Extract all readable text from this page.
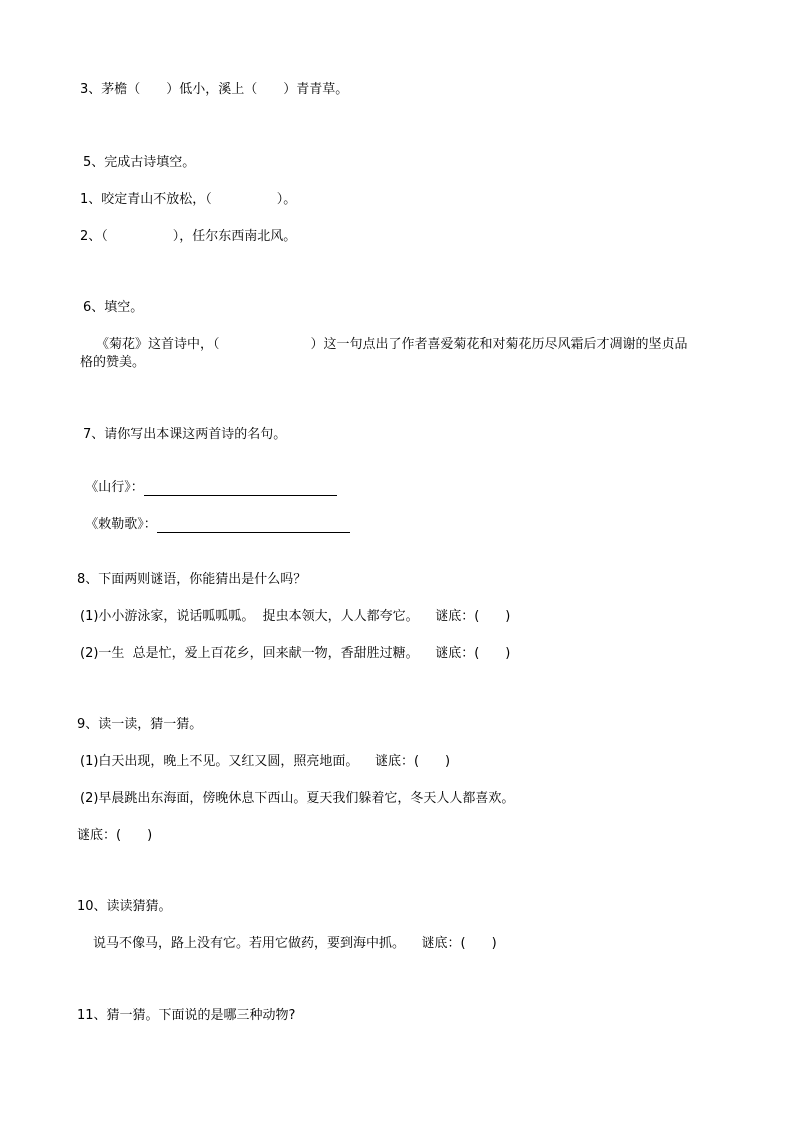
3、茅檐（　　）低小，溪上（　　）青青草。
5、完成古诗填空。
1、咬定青山不放松，（　　　　　）。
2、（　　　　　），任尔东西南北风。
6、填空。
《菊花》这首诗中，（　　　　　　　）这一句点出了作者喜爱菊花和对菊花历尽风霜后才凋谢的坚贞品
格的赞美。
7、请你写出本课这两首诗的名句。

《山行》：

《敕勒歌》：

8、下面两则谜语，你能猜出是什么吗？
(1)小小游泳家，说话呱呱呱。  捉虫本领大，人人都夸它。    谜底：(　　)
(2)一生  总是忙，爱上百花乡，回来献一物，香甜胜过糖。    谜底：(　　)
9、读一读，猜一猜。
(1)白天出现，晚上不见。又红又圆，照亮地面。    谜底：(　　)
(2)早晨跳出东海面，傍晚休息下西山。夏天我们躲着它，冬天人人都喜欢。
谜底：(　　)
10、读读猜猜。
说马不像马，路上没有它。若用它做药，要到海中抓。    谜底：(　　)
11、猜一猜。下面说的是哪三种动物?
